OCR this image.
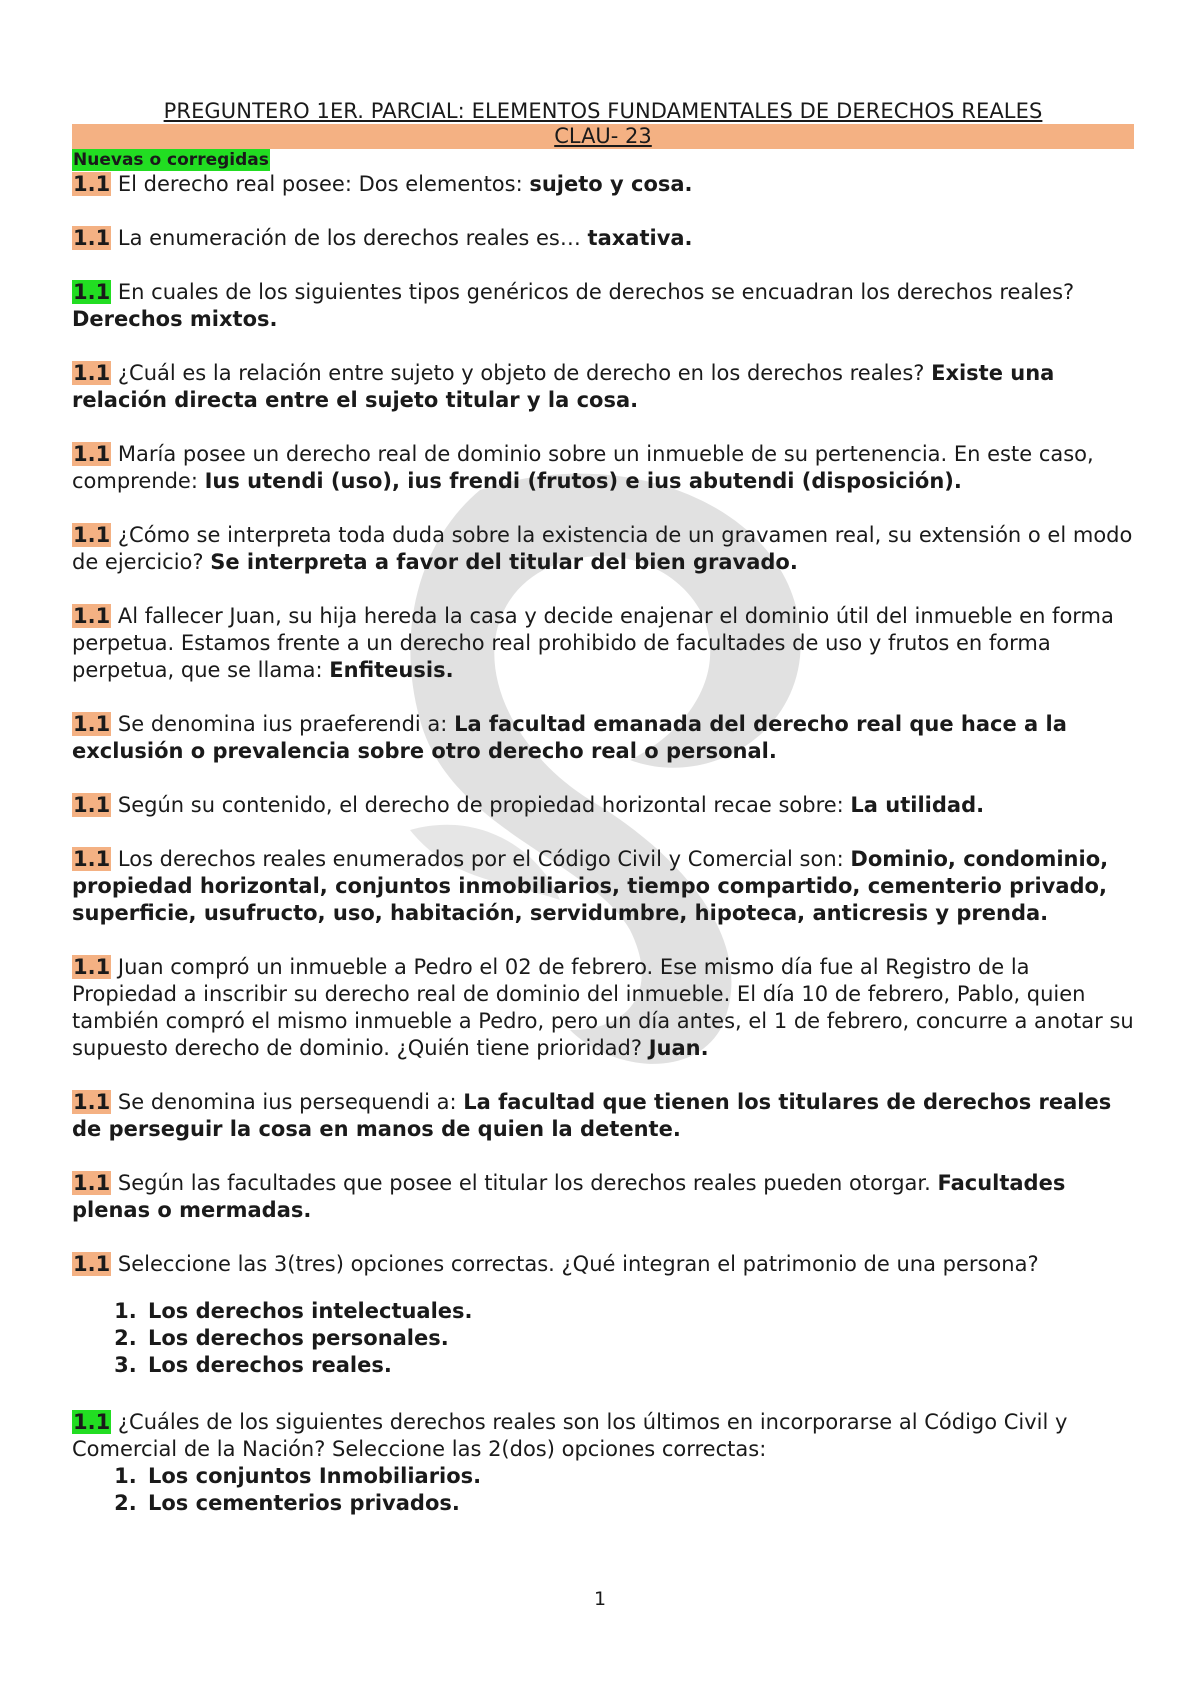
PREGUNTERO 1ER. PARCIAL: ELEMENTOS FUNDAMENTALES DE DERECHOS REALES

CLAU- 23

Nuevas o corregidas

1.1 El derecho real posee: Dos elementos: sujeto y cosa.

1.1 La enumeración de los derechos reales es… taxativa.

1.1 En cuales de los siguientes tipos genéricos de derechos se encuadran los derechos reales? Derechos mixtos.

1.1 ¿Cuál es la relación entre sujeto y objeto de derecho en los derechos reales? Existe una relación directa entre el sujeto titular y la cosa.

1.1 María posee un derecho real de dominio sobre un inmueble de su pertenencia. En este caso, comprende: Ius utendi (uso), ius frendi (frutos) e ius abutendi (disposición).

1.1 ¿Cómo se interpreta toda duda sobre la existencia de un gravamen real, su extensión o el modo de ejercicio? Se interpreta a favor del titular del bien gravado.

1.1 Al fallecer Juan, su hija hereda la casa y decide enajenar el dominio útil del inmueble en forma perpetua. Estamos frente a un derecho real prohibido de facultades de uso y frutos en forma perpetua, que se llama: Enfiteusis.

1.1 Se denomina ius praeferendi a: La facultad emanada del derecho real que hace a la exclusión o prevalencia sobre otro derecho real o personal.

1.1 Según su contenido, el derecho de propiedad horizontal recae sobre: La utilidad.

1.1 Los derechos reales enumerados por el Código Civil y Comercial son: Dominio, condominio, propiedad horizontal, conjuntos inmobiliarios, tiempo compartido, cementerio privado, superficie, usufructo, uso, habitación, servidumbre, hipoteca, anticresis y prenda.

1.1 Juan compró un inmueble a Pedro el 02 de febrero. Ese mismo día fue al Registro de la Propiedad a inscribir su derecho real de dominio del inmueble. El día 10 de febrero, Pablo, quien también compró el mismo inmueble a Pedro, pero un día antes, el 1 de febrero, concurre a anotar su supuesto derecho de dominio. ¿Quién tiene prioridad? Juan.

1.1 Se denomina ius persequendi a: La facultad que tienen los titulares de derechos reales de perseguir la cosa en manos de quien la detente.

1.1 Según las facultades que posee el titular los derechos reales pueden otorgar. Facultades plenas o mermadas.

1.1 Seleccione las 3(tres) opciones correctas. ¿Qué integran el patrimonio de una persona?

1. Los derechos intelectuales.
2. Los derechos personales.
3. Los derechos reales.

1.1 ¿Cuáles de los siguientes derechos reales son los últimos en incorporarse al Código Civil y Comercial de la Nación? Seleccione las 2(dos) opciones correctas:

1. Los conjuntos Inmobiliarios.
2. Los cementerios privados.
1
